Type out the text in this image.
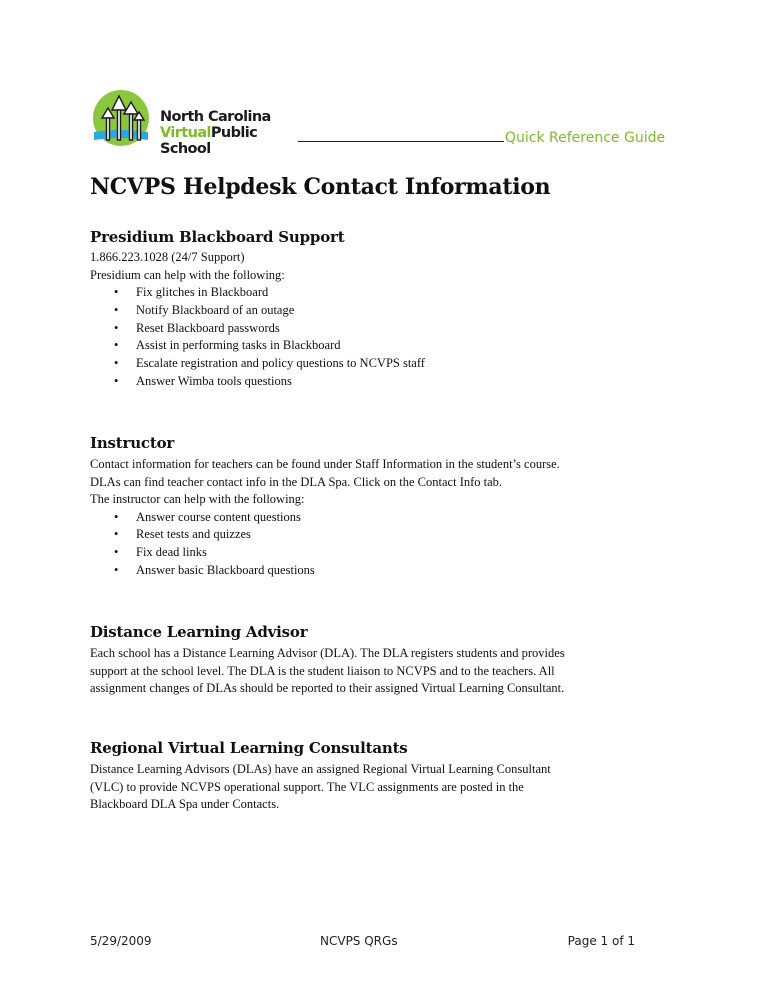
North Carolina
VirtualPublic School
Quick Reference Guide
NCVPS Helpdesk Contact Information
Presidium Blackboard Support
1.866.223.1028 (24/7 Support)
Presidium can help with the following:
• Fix glitches in Blackboard
• Notify Blackboard of an outage
• Reset Blackboard passwords
• Assist in performing tasks in Blackboard
• Escalate registration and policy questions to NCVPS staff
• Answer Wimba tools questions
Instructor
Contact information for teachers can be found under Staff Information in the student’s course.
DLAs can find teacher contact info in the DLA Spa. Click on the Contact Info tab.
The instructor can help with the following:
• Answer course content questions
• Reset tests and quizzes
• Fix dead links
• Answer basic Blackboard questions
Distance Learning Advisor
Each school has a Distance Learning Advisor (DLA). The DLA registers students and provides
support at the school level. The DLA is the student liaison to NCVPS and to the teachers. All
assignment changes of DLAs should be reported to their assigned Virtual Learning Consultant.
Regional Virtual Learning Consultants
Distance Learning Advisors (DLAs) have an assigned Regional Virtual Learning Consultant
(VLC) to provide NCVPS operational support. The VLC assignments are posted in the
Blackboard DLA Spa under Contacts.
5/29/2009	NCVPS QRGs	Page 1 of 1
